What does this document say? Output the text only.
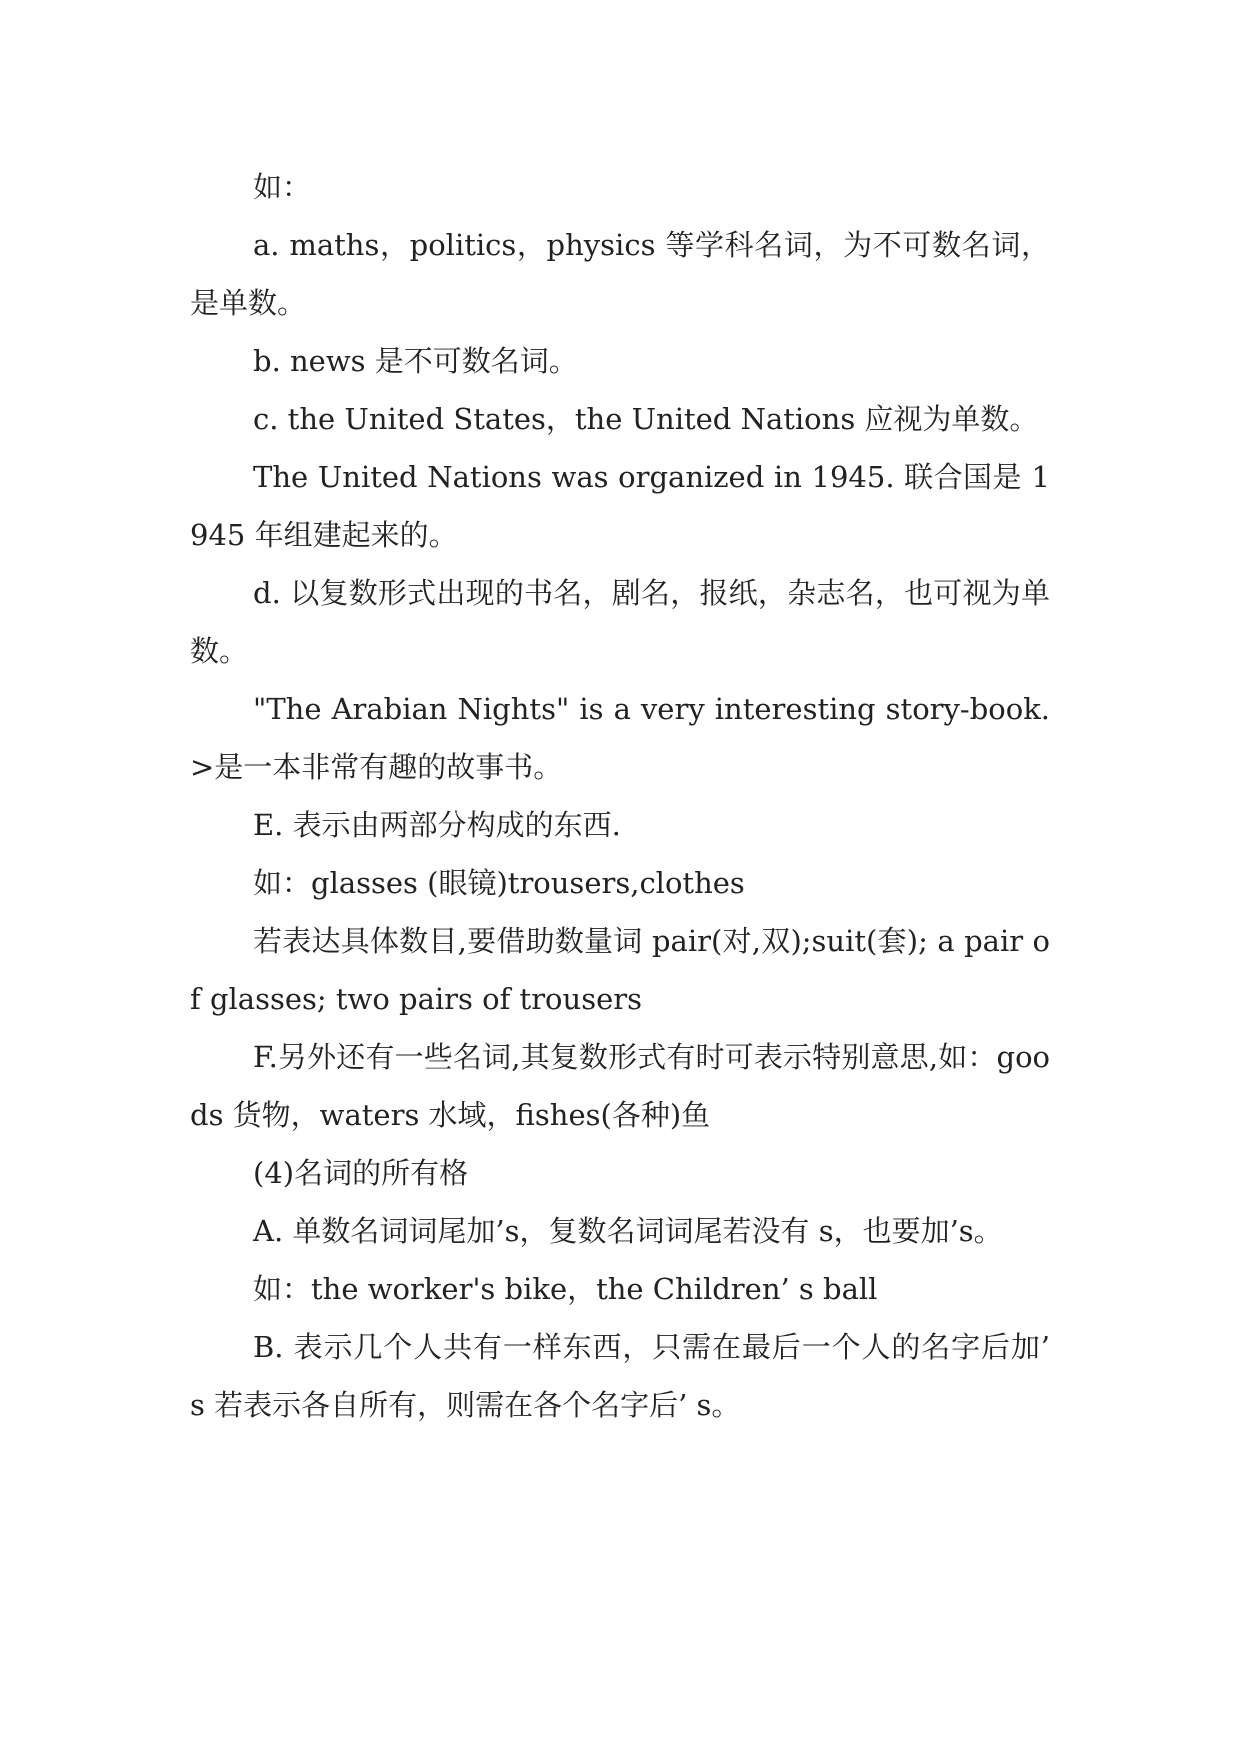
如：

a. maths，politics，physics 等学科名词，为不可数名词，是单数。

b. news 是不可数名词。

c. the United States，the United Nations 应视为单数。

The United Nations was organized in 1945. 联合国是 1945 年组建起来的。

d. 以复数形式出现的书名，剧名，报纸，杂志名，也可视为单数。

"The Arabian Nights" is a very interesting story-book.>是一本非常有趣的故事书。

E. 表示由两部分构成的东西.

如：glasses (眼镜)trousers,clothes

若表达具体数目,要借助数量词 pair(对,双);suit(套); a pair of glasses; two pairs of trousers

F.另外还有一些名词,其复数形式有时可表示特别意思,如：goods 货物，waters 水域，fishes(各种)鱼

(4)名词的所有格

A. 单数名词词尾加’s，复数名词词尾若没有 s，也要加’s。

如：the worker's bike，the Children’ s ball

B. 表示几个人共有一样东西，只需在最后一个人的名字后加’ s 若表示各自所有，则需在各个名字后’ s。
